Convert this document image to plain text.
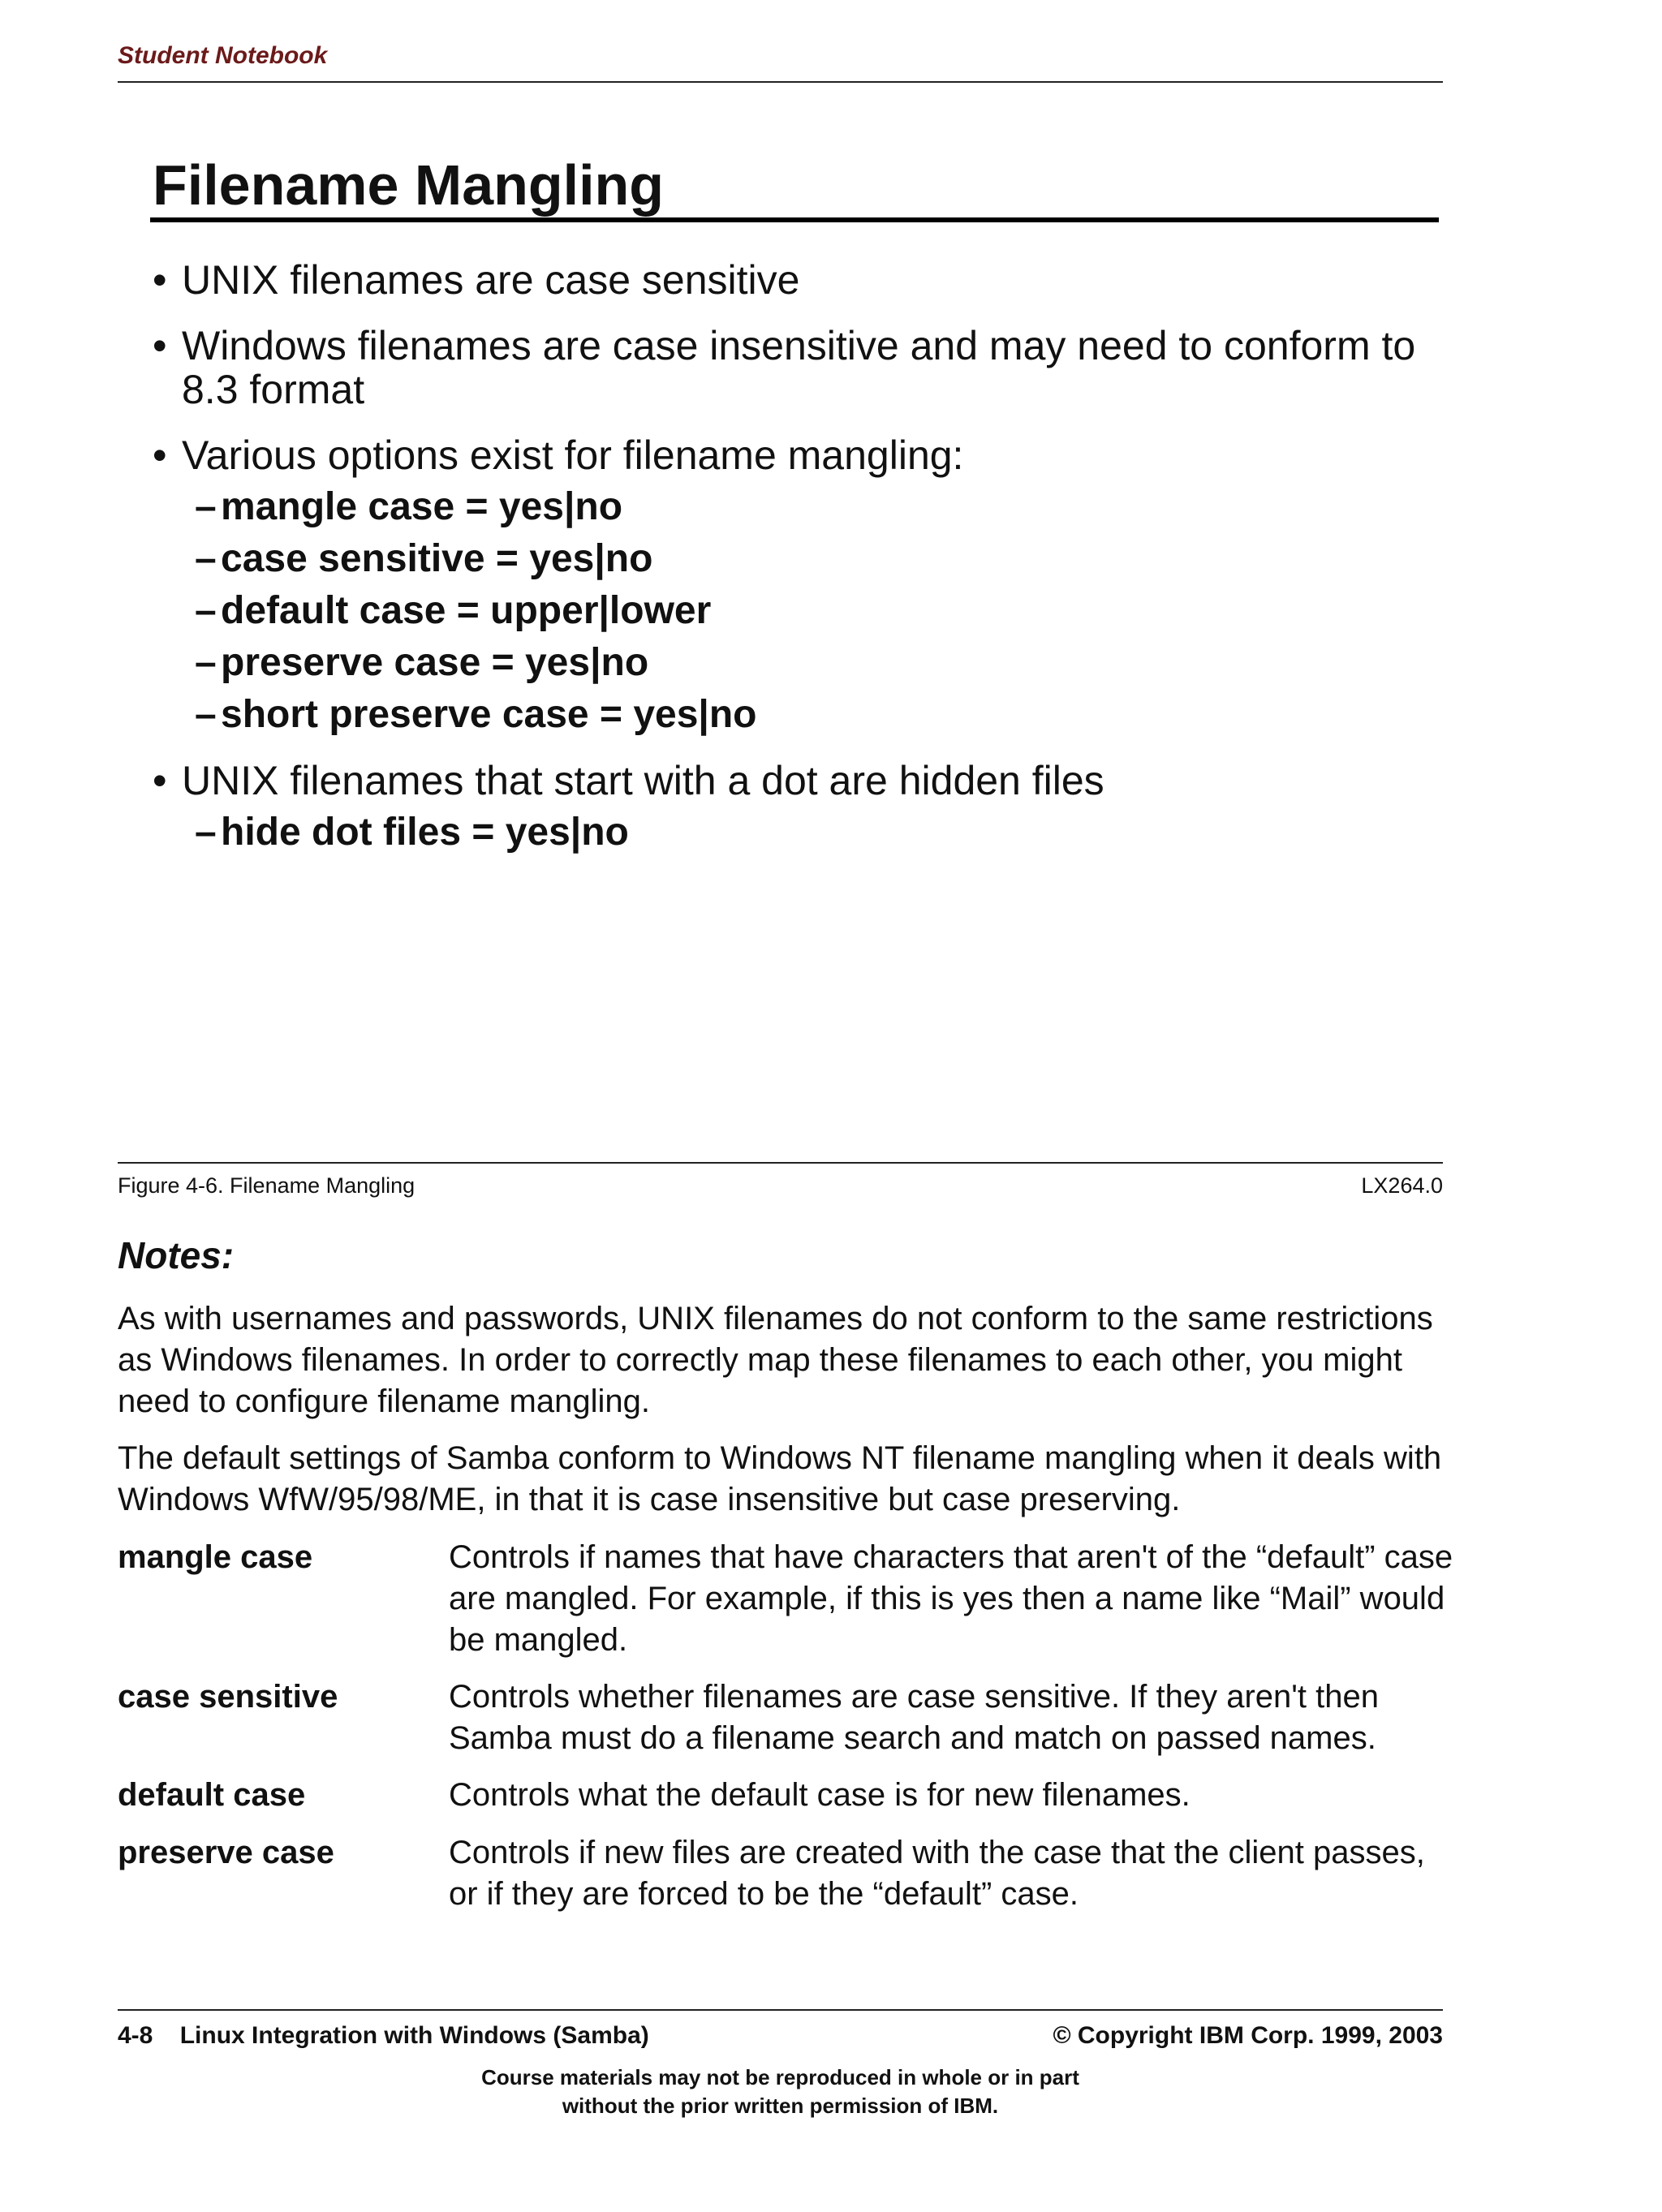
Student Notebook
Filename Mangling
• UNIX filenames are case sensitive
• Windows filenames are case insensitive and may need to conform to 8.3 format
• Various options exist for filename mangling:
– mangle case = yes|no
– case sensitive = yes|no
– default case = upper|lower
– preserve case = yes|no
– short preserve case = yes|no
• UNIX filenames that start with a dot are hidden files
– hide dot files = yes|no
Figure 4-6. Filename Mangling	LX264.0
Notes:

As with usernames and passwords, UNIX filenames do not conform to the same restrictions as Windows filenames. In order to correctly map these filenames to each other, you might need to configure filename mangling.

The default settings of Samba conform to Windows NT filename mangling when it deals with Windows WfW/95/98/ME, in that it is case insensitive but case preserving.

mangle case	Controls if names that have characters that aren't of the “default” case are mangled. For example, if this is yes then a name like “Mail” would be mangled.
case sensitive	Controls whether filenames are case sensitive. If they aren't then Samba must do a filename search and match on passed names.
default case	Controls what the default case is for new filenames.
preserve case	Controls if new files are created with the case that the client passes, or if they are forced to be the “default” case.
4-8 Linux Integration with Windows (Samba)	© Copyright IBM Corp. 1999, 2003
Course materials may not be reproduced in whole or in part
without the prior written permission of IBM.
